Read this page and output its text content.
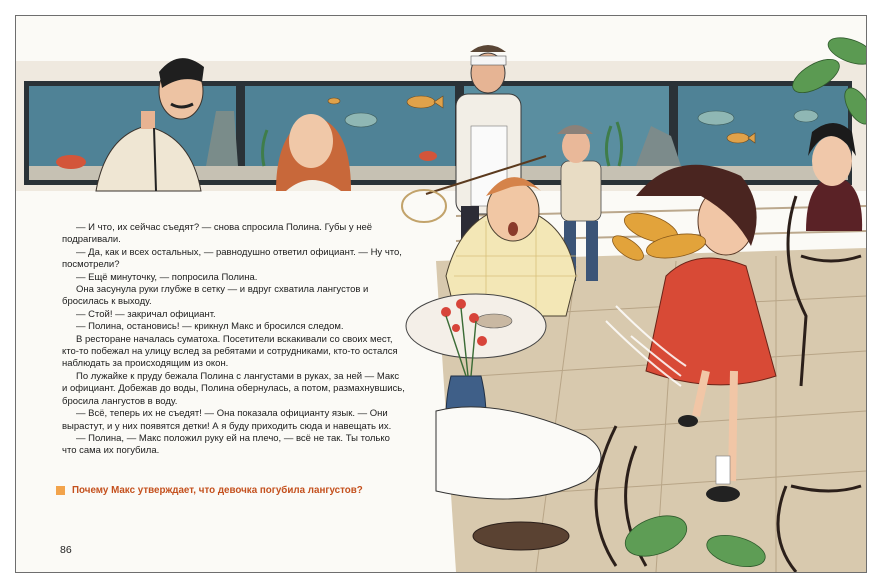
— И что, их сейчас съедят? — снова спросила Полина. Губы у неё подрагивали.

— Да, как и всех остальных, — равнодушно ответил официант. — Ну что, посмотрели?

— Ещё минуточку, — попросила Полина.

Она засунула руки глубже в сетку — и вдруг схватила лангустов и бросилась к выходу.

— Стой! — закричал официант.

— Полина, остановись! — крикнул Макс и бросился следом.

В ресторане началась суматоха. Посетители вскакивали со своих мест, кто-то побежал на улицу вслед за ребятами и сотрудниками, кто-то остался наблюдать за происходящим из окон.

По лужайке к пруду бежала Полина с лангустами в руках, за ней — Макс и официант. Добежав до воды, Полина обернулась, а потом, размахнувшись, бросила лангустов в воду.

— Всё, теперь их не съедят! — Она показала официанту язык. — Они вырастут, и у них появятся детки! А я буду приходить сюда и навещать их.

— Полина, — Макс положил руку ей на плечо, — всё не так. Ты только что сама их погубила.

Почему Макс утверждает, что девочка погубила лангустов?
86
